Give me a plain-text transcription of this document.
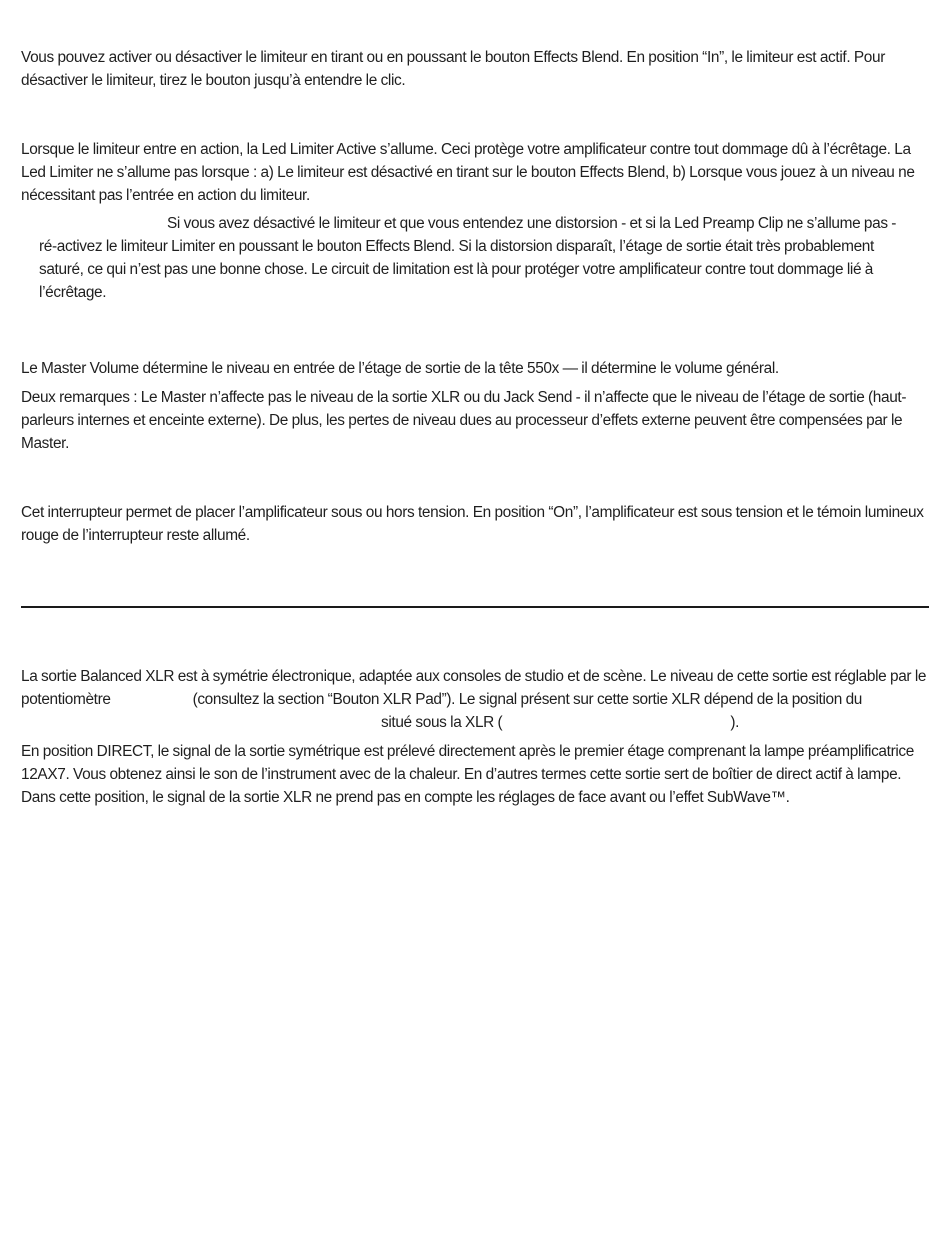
Vous pouvez activer ou désactiver le limiteur en tirant ou en poussant le bouton Effects Blend. En position “In”, le limiteur est actif. Pour désactiver le limiteur, tirez le bouton jusqu’à entendre le clic.

Lorsque le limiteur entre en action, la Led Limiter Active s’allume. Ceci protège votre amplificateur contre tout dommage dû à l’écrêtage. La Led Limiter ne s’allume pas lorsque : a) Le limiteur est désactivé en tirant sur le bouton Effects Blend, b) Lorsque vous jouez à un niveau ne nécessitant pas l’entrée en action du limiteur.

Si vous avez désactivé le limiteur et que vous entendez une distorsion - et si la Led Preamp Clip ne s’allume pas - ré-activez le limiteur Limiter en poussant le bouton Effects Blend. Si la distorsion disparaît, l’étage de sortie était très probablement saturé, ce qui n’est pas une bonne chose. Le circuit de limitation est là pour protéger votre amplificateur contre tout dommage lié à l’écrêtage.

Le Master Volume détermine le niveau en entrée de l’étage de sortie de la tête 550x — il détermine le volume général.

Deux remarques : Le Master n’affecte pas le niveau de la sortie XLR ou du Jack Send - il n’affecte que le niveau de l’étage de sortie (haut-parleurs internes et enceinte externe). De plus, les pertes de niveau dues au processeur d’effets externe peuvent être compensées par le Master.

Cet interrupteur permet de placer l’amplificateur sous ou hors tension. En position “On”, l’amplificateur est sous tension et le témoin lumineux rouge de l’interrupteur reste allumé.

La sortie Balanced XLR est à symétrie électronique, adaptée aux consoles de studio et de scène. Le niveau de cette sortie est réglable par le potentiomètre	(consultez la section “Bouton XLR Pad”). Le signal présent sur cette sortie XLR dépend de la position dusitué sous la XLR (	).

En position DIRECT, le signal de la sortie symétrique est prélevé directement après le premier étage comprenant la lampe préamplificatrice 12AX7. Vous obtenez ainsi le son de l’instrument avec de la chaleur. En d’autres termes cette sortie sert de boîtier de direct actif à lampe. Dans cette position, le signal de la sortie XLR ne prend pas en compte les réglages de face avant ou l’effet SubWave™.
